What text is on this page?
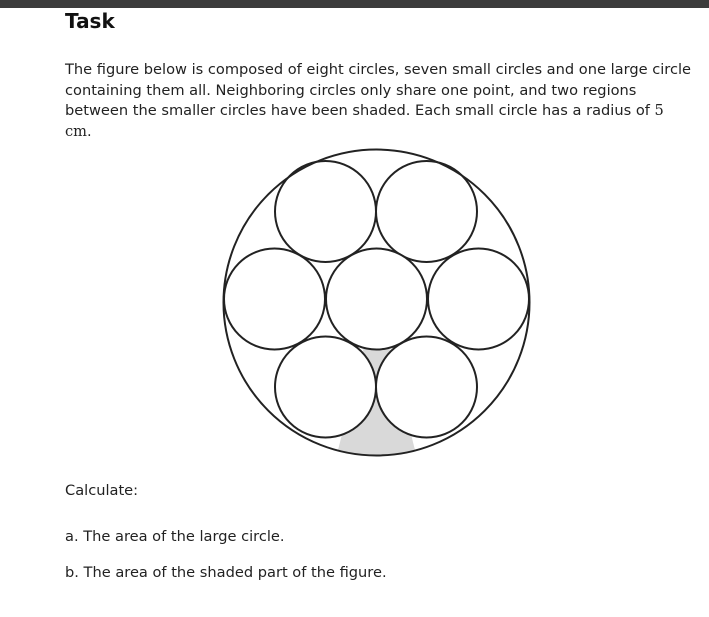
Task

The figure below is composed of eight circles, seven small circles and one large circle containing them all. Neighboring circles only share one point, and two regions between the smaller circles have been shaded. Each small circle has a radius of 5 cm.

Calculate:

a. The area of the large circle.

b. The area of the shaded part of the figure.
